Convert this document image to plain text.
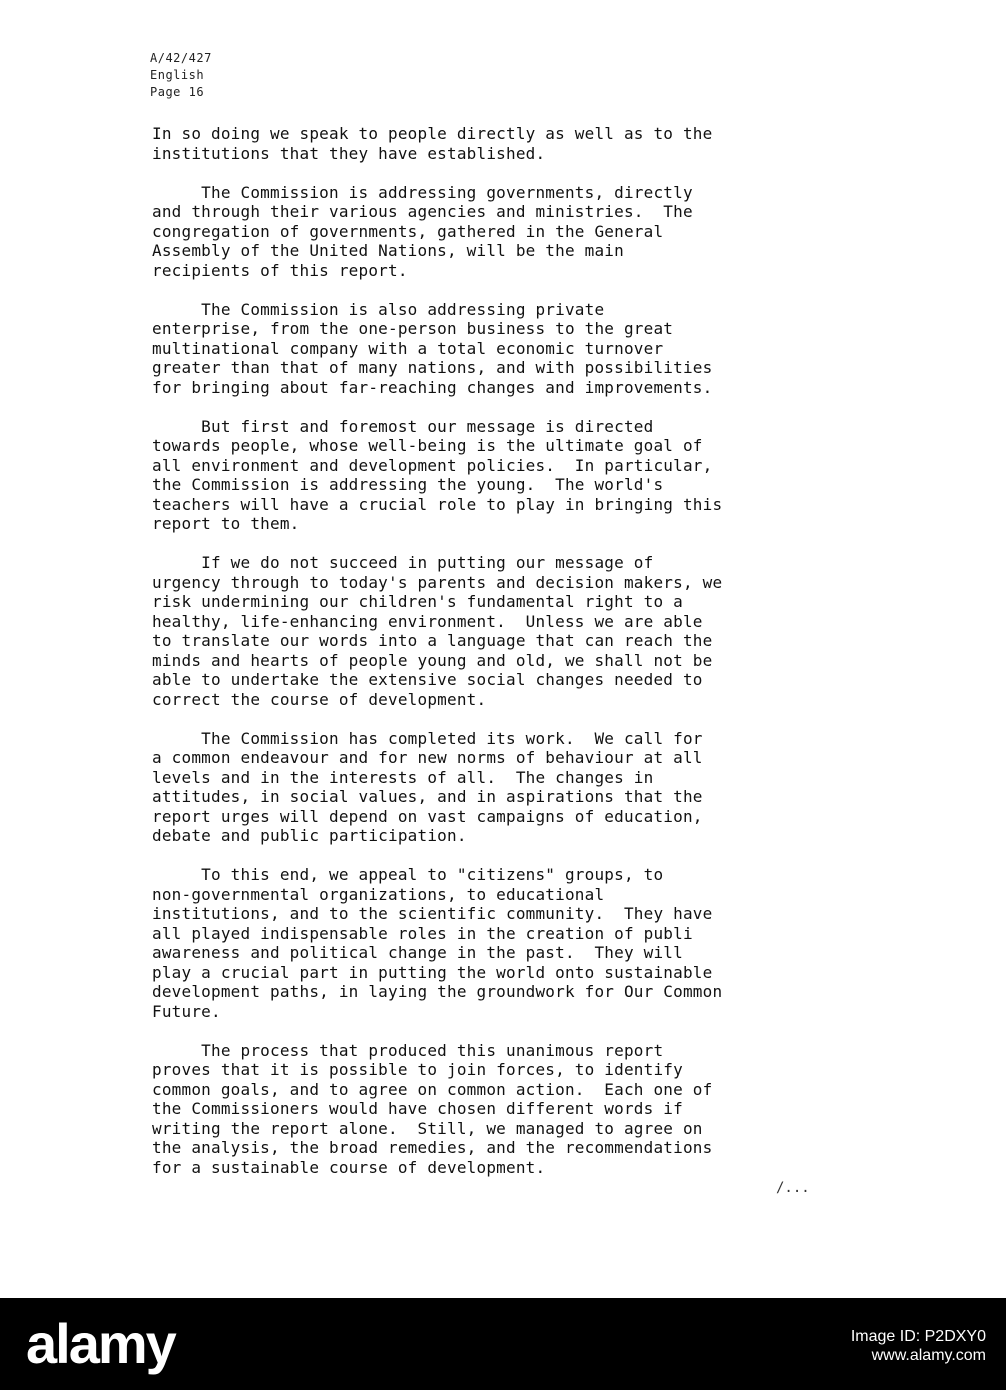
A/42/427
English
Page 16
In so doing we speak to people directly as well as to the
institutions that they have established.
The Commission is addressing governments, directly
and through their various agencies and ministries.  The
congregation of governments, gathered in the General
Assembly of the United Nations, will be the main
recipients of this report.
The Commission is also addressing private
enterprise, from the one-person business to the great
multinational company with a total economic turnover
greater than that of many nations, and with possibilities
for bringing about far-reaching changes and improvements.
But first and foremost our message is directed
towards people, whose well-being is the ultimate goal of
all environment and development policies.  In particular,
the Commission is addressing the young.  The world's
teachers will have a crucial role to play in bringing this
report to them.
If we do not succeed in putting our message of
urgency through to today's parents and decision makers, we
risk undermining our children's fundamental right to a
healthy, life-enhancing environment.  Unless we are able
to translate our words into a language that can reach the
minds and hearts of people young and old, we shall not be
able to undertake the extensive social changes needed to
correct the course of development.
The Commission has completed its work.  We call for
a common endeavour and for new norms of behaviour at all
levels and in the interests of all.  The changes in
attitudes, in social values, and in aspirations that the
report urges will depend on vast campaigns of education,
debate and public participation.
To this end, we appeal to "citizens" groups, to
non-governmental organizations, to educational
institutions, and to the scientific community.  They have
all played indispensable roles in the creation of publi
awareness and political change in the past.  They will
play a crucial part in putting the world onto sustainable
development paths, in laying the groundwork for Our Common
Future.
The process that produced this unanimous report
proves that it is possible to join forces, to identify
common goals, and to agree on common action.  Each one of
the Commissioners would have chosen different words if
writing the report alone.  Still, we managed to agree on
the analysis, the broad remedies, and the recommendations
for a sustainable course of development.
/...
alamy	Image ID: P2DXY0
www.alamy.com
